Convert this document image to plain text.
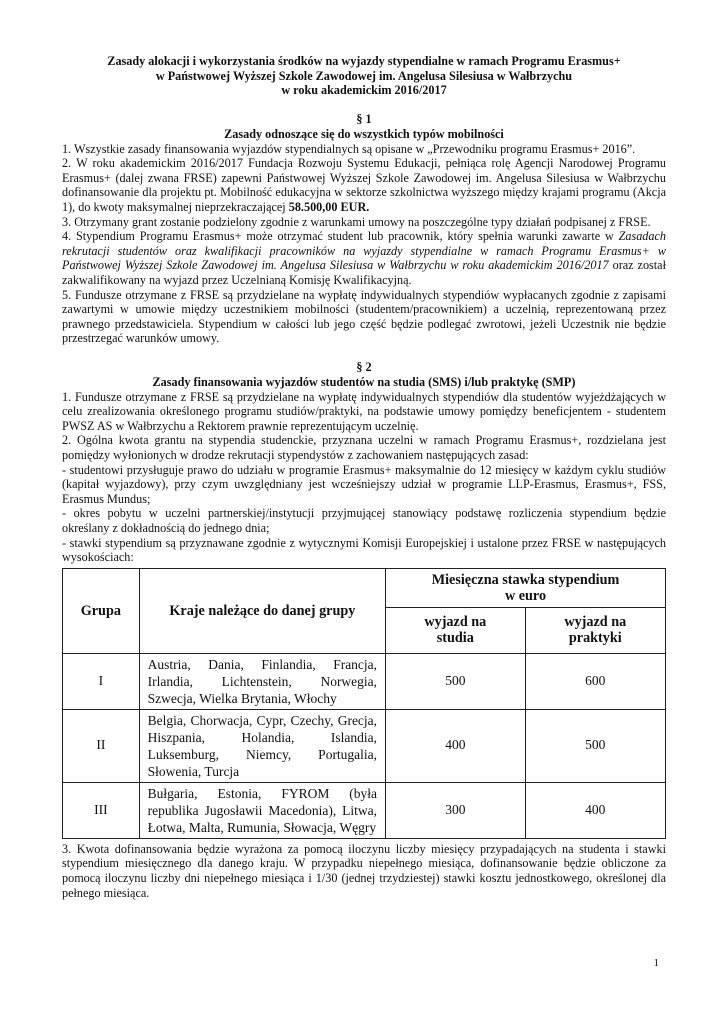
Zasady alokacji i wykorzystania środków na wyjazdy stypendialne w ramach Programu Erasmus+

w Państwowej Wyższej Szkole Zawodowej im. Angelusa Silesiusa w Wałbrzychu

w roku akademickim 2016/2017

§ 1

Zasady odnoszące się do wszystkich typów mobilności

1. Wszystkie zasady finansowania wyjazdów stypendialnych są opisane w „Przewodniku programu Erasmus+ 2016”.

2. W roku akademickim 2016/2017 Fundacja Rozwoju Systemu Edukacji, pełniąca rolę Agencji Narodowej Programu Erasmus+ (dalej zwana FRSE) zapewni Państwowej Wyższej Szkole Zawodowej im. Angelusa Silesiusa w Wałbrzychu dofinansowanie dla projektu pt. Mobilność edukacyjna w sektorze szkolnictwa wyższego między krajami programu (Akcja 1), do kwoty maksymalnej nieprzekraczającej 58.500,00 EUR.

3. Otrzymany grant zostanie podzielony zgodnie z warunkami umowy na poszczególne typy działań podpisanej z FRSE.

4. Stypendium Programu Erasmus+ może otrzymać student lub pracownik, który spełnia warunki zawarte w Zasadach rekrutacji studentów oraz kwalifikacji pracowników na wyjazdy stypendialne w ramach Programu Erasmus+ w Państwowej Wyższej Szkole Zawodowej im. Angelusa Silesiusa w Wałbrzychu w roku akademickim 2016/2017 oraz został zakwalifikowany na wyjazd przez Uczelnianą Komisję Kwalifikacyjną.

5. Fundusze otrzymane z FRSE są przydzielane na wypłatę indywidualnych stypendiów wypłacanych zgodnie z zapisami zawartymi w umowie między uczestnikiem mobilności (studentem/pracownikiem) a uczelnią, reprezentowaną przez prawnego przedstawiciela. Stypendium w całości lub jego część będzie podlegać zwrotowi, jeżeli Uczestnik nie będzie przestrzegać warunków umowy.

§ 2

Zasady finansowania wyjazdów studentów na studia (SMS) i/lub praktykę (SMP)

1. Fundusze otrzymane z FRSE są przydzielane na wypłatę indywidualnych stypendiów dla studentów wyjeżdżających w celu zrealizowania określonego programu studiów/praktyki, na podstawie umowy pomiędzy beneficjentem - studentem PWSZ AS w Wałbrzychu a Rektorem prawnie reprezentującym uczelnię.

2. Ogólna kwota grantu na stypendia studenckie, przyznana uczelni w ramach Programu Erasmus+, rozdzielana jest pomiędzy wyłonionych w drodze rekrutacji stypendystów z zachowaniem następujących zasad:

- studentowi przysługuje prawo do udziału w programie Erasmus+ maksymalnie do 12 miesięcy w każdym cyklu studiów (kapitał wyjazdowy), przy czym uwzględniany jest wcześniejszy udział w programie LLP-Erasmus, Erasmus+, FSS, Erasmus Mundus;

- okres pobytu w uczelni partnerskiej/instytucji przyjmującej stanowiący podstawę rozliczenia stypendium będzie określany z dokładnością do jednego dnia;

- stawki stypendium są przyznawane zgodnie z wytycznymi Komisji Europejskiej i ustalone przez FRSE w następujących wysokościach:

Grupa	Kraje należące do danej grupy	Miesięczna stawka stypendium w euro	
		wyjazd na studia	wyjazd na praktyki
I	Austria, Dania, Finlandia, Francja, Irlandia, Lichtenstein, Norwegia, Szwecja, Wielka Brytania, Włochy	500	600
II	Belgia, Chorwacja, Cypr, Czechy, Grecja, Hiszpania, Holandia, Islandia, Luksemburg, Niemcy, Portugalia, Słowenia, Turcja	400	500
III	Bułgaria, Estonia, FYROM (była republika Jugosławii Macedonia), Litwa, Łotwa, Malta, Rumunia, Słowacja, Węgry	300	400

3. Kwota dofinansowania będzie wyrażona za pomocą iloczynu liczby miesięcy przypadających na studenta i stawki stypendium miesięcznego dla danego kraju. W przypadku niepełnego miesiąca, dofinansowanie będzie obliczone za pomocą iloczynu liczby dni niepełnego miesiąca i 1/30 (jednej trzydziestej) stawki kosztu jednostkowego, określonej dla pełnego miesiąca.

1
